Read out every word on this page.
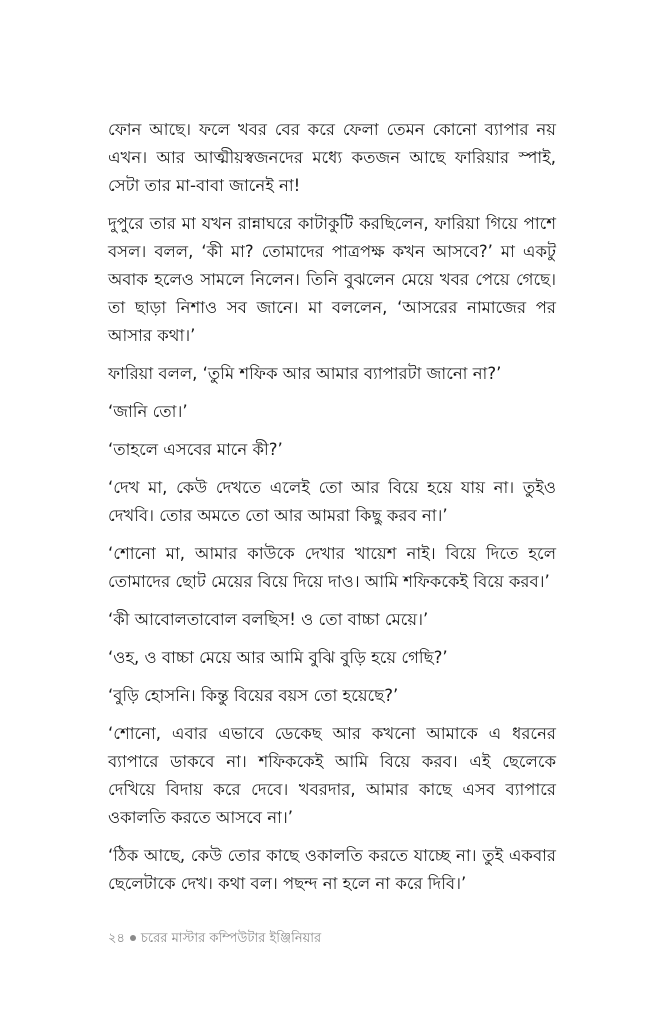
ফোন আছে। ফলে খবর বের করে ফেলা তেমন কোনো ব্যাপার নয় এখন। আর আত্মীয়স্বজনদের মধ্যে কতজন আছে ফারিয়ার স্পাই, সেটা তার মা-বাবা জানেই না!

দুপুরে তার মা যখন রান্নাঘরে কাটাকুটি করছিলেন, ফারিয়া গিয়ে পাশে বসল। বলল, ‘কী মা? তোমাদের পাত্রপক্ষ কখন আসবে?’ মা একটু অবাক হলেও সামলে নিলেন। তিনি বুঝলেন মেয়ে খবর পেয়ে গেছে। তা ছাড়া নিশাও সব জানে। মা বললেন, ‘আসরের নামাজের পর আসার কথা।’

ফারিয়া বলল, ‘তুমি শফিক আর আমার ব্যাপারটা জানো না?’

‘জানি তো।’

‘তাহলে এসবের মানে কী?’

‘দেখ মা, কেউ দেখতে এলেই তো আর বিয়ে হয়ে যায় না। তুইও দেখবি। তোর অমতে তো আর আমরা কিছু করব না।’

‘শোনো মা, আমার কাউকে দেখার খায়েশ নাই। বিয়ে দিতে হলে তোমাদের ছোট মেয়ের বিয়ে দিয়ে দাও। আমি শফিককেই বিয়ে করব।’

‘কী আবোলতাবোল বলছিস! ও তো বাচ্চা মেয়ে।’

‘ওহ, ও বাচ্চা মেয়ে আর আমি বুঝি বুড়ি হয়ে গেছি?’

‘বুড়ি হোসনি। কিন্তু বিয়ের বয়স তো হয়েছে?’

‘শোনো, এবার এভাবে ডেকেছ আর কখনো আমাকে এ ধরনের ব্যাপারে ডাকবে না। শফিককেই আমি বিয়ে করব। এই ছেলেকে দেখিয়ে বিদায় করে দেবে। খবরদার, আমার কাছে এসব ব্যাপারে ওকালতি করতে আসবে না।’

‘ঠিক আছে, কেউ তোর কাছে ওকালতি করতে যাচ্ছে না। তুই একবার ছেলেটাকে দেখ। কথা বল। পছন্দ না হলে না করে দিবি।’

২৪ চরের মাস্টার কম্পিউটার ইঞ্জিনিয়ার
